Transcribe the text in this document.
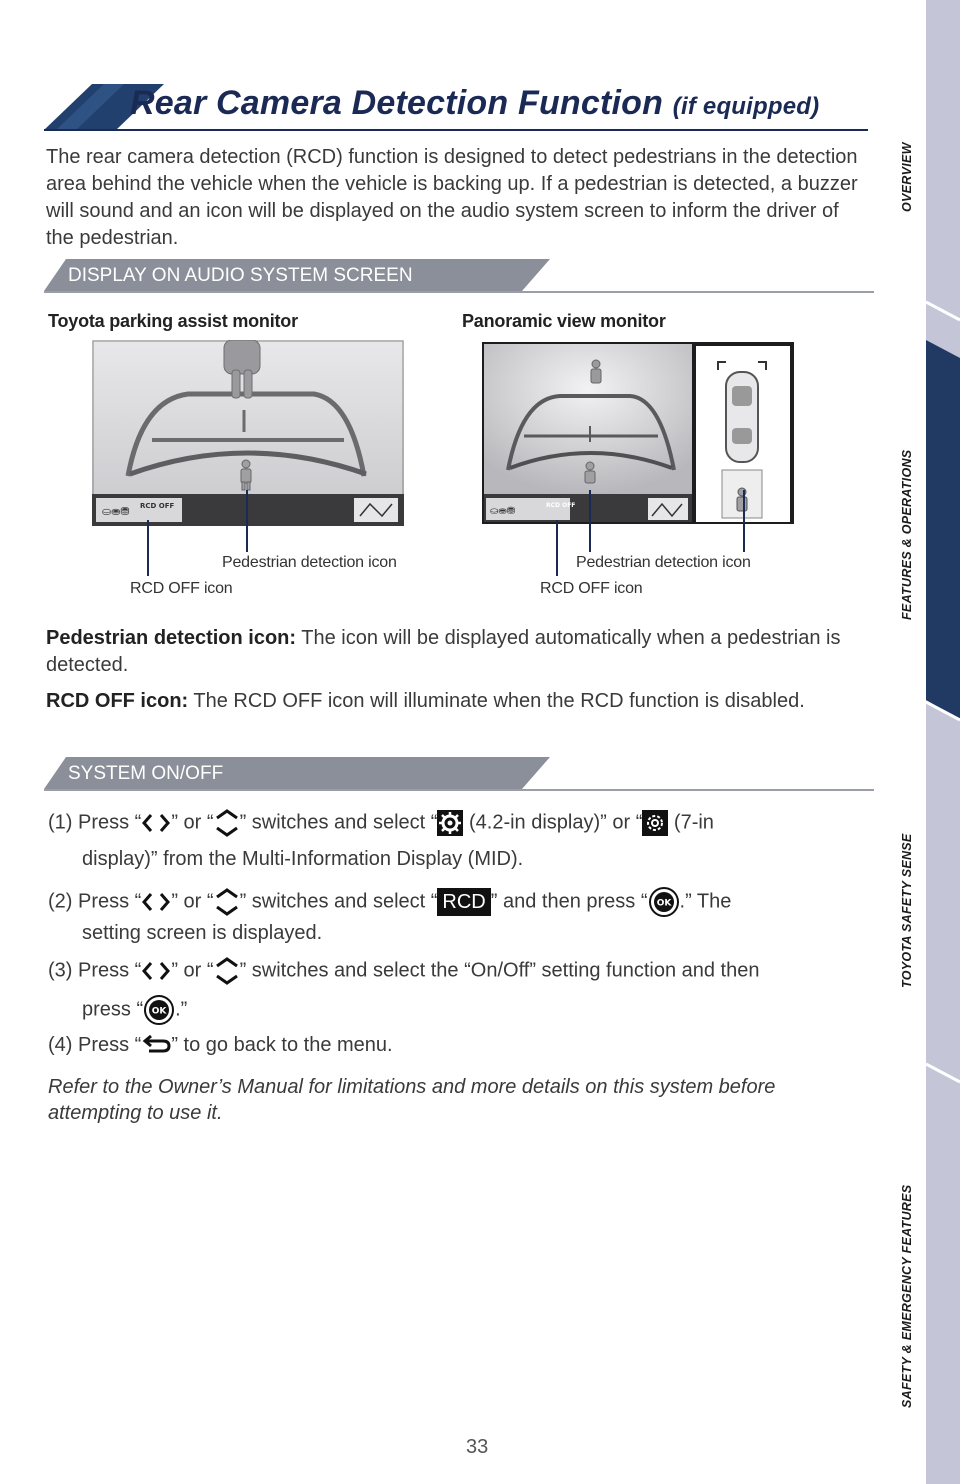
Rear Camera Detection Function (if equipped)
The rear camera detection (RCD) function is designed to detect pedestrians in the detection area behind the vehicle when the vehicle is backing up. If a pedestrian is detected, a buzzer will sound and an icon will be displayed on the audio system screen to inform the driver of the pedestrian.
DISPLAY ON AUDIO SYSTEM SCREEN
Toyota parking assist monitor	Panoramic view monitor
⛀⛂⛃ RCD OFF	⛀⛂⛃
RCD OFF
Pedestrian detection icon
RCD OFF icon
Pedestrian detection icon
RCD OFF icon
Pedestrian detection icon: The icon will be displayed automatically when a pedestrian is detected.
RCD OFF icon: The RCD OFF icon will illuminate when the RCD function is disabled.
SYSTEM ON/OFF
(1) Press “ ” or “ ” switches and select “ (4.2-in display)” or “ (7-in
display)” from the Multi-Information Display (MID).
(2) Press “ ” or “ ” switches and select “ RCD ” and then press “ OK .” The
setting screen is displayed.
(3) Press “ ” or “ ” switches and select the “On/Off” setting function and then
press “ OK .”
(4) Press “ ” to go back to the menu.
Refer to the Owner’s Manual for limitations and more details on this system before attempting to use it.
OVERVIEW
FEATURES & OPERATIONS
TOYOTA SAFETY SENSE
SAFETY & EMERGENCY FEATURES
33
